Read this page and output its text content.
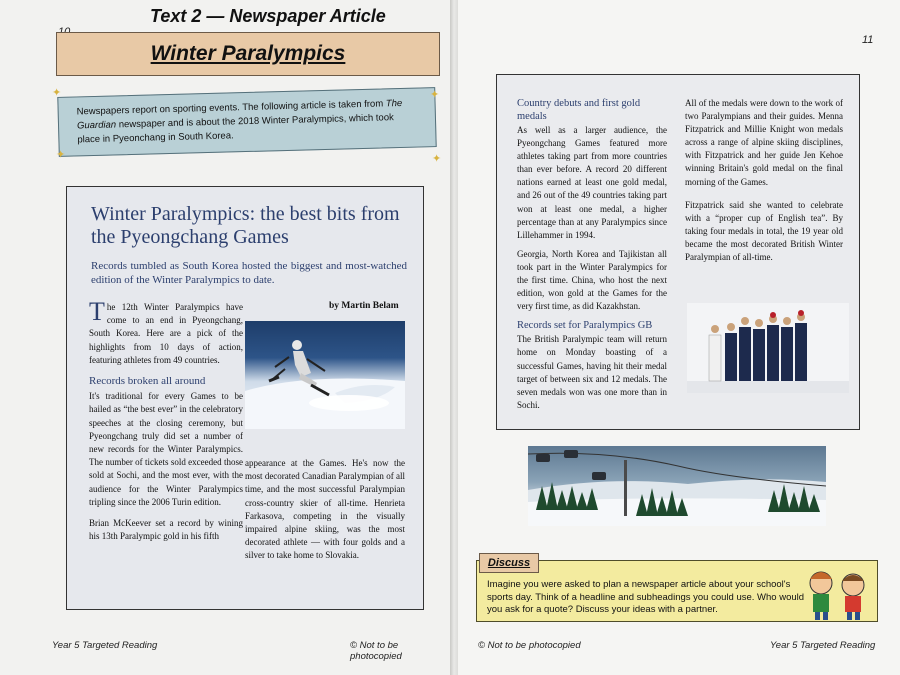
Text 2 — Newspaper Article
Winter Paralympics
Newspapers report on sporting events. The following article is taken from The Guardian newspaper and is about the 2018 Winter Paralympics, which took place in Pyeonchang in South Korea.
✦	✦
✦	✦
Winter Paralympics: the best bits from the Pyeongchang Games
Records tumbled as South Korea hosted the biggest and most-watched edition of the Winter Paralympics to date.
by Martin Belam

The 12th Winter Paralympics have come to an end in Pyeongchang, South Korea. Here are a pick of the highlights from 10 days of action, featuring athletes from 49 countries.

Records broken all around

It's traditional for every Games to be hailed as “the best ever” in the celebratory speeches at the closing ceremony, but Pyeongchang truly did set a number of new records for the Winter Paralympics. The number of tickets sold exceeded those sold at Sochi, and the most ever, with the audience for the Winter Paralympics tripling since the 2006 Turin edition.

Brian McKeever set a record by wining his 13th Paralympic gold in his fifth

appearance at the Games. He's now the most decorated Canadian Paralympian of all time, and the most successful Paralympian cross-country skier of all-time. Henrieta Farkasova, competing in the visually impaired alpine skiing, was the most decorated athlete — with four golds and a silver to take home to Slovakia.
Year 5 Targeted Reading	© Not to be photocopied
11
Country debuts and first gold medals

As well as a larger audience, the Pyeongchang Games featured more athletes taking part from more countries than ever before. A record 20 different nations earned at least one gold medal, and 26 out of the 49 countries taking part won at least one medal, a higher percentage than at any Paralympics since Lillehammer in 1994.

Georgia, North Korea and Tajikistan all took part in the Winter Paralympics for the first time. China, who host the next edition, won gold at the Games for the very first time, as did Kazakhstan.

Records set for Paralympics GB

The British Paralympic team will return home on Monday boasting of a successful Games, having hit their medal target of between six and 12 medals. The seven medals won was one more than in Sochi.

All of the medals were down to the work of two Paralympians and their guides. Menna Fitzpatrick and Millie Knight won medals across a range of alpine skiing disciplines, with Fitzpatrick and her guide Jen Kehoe winning Britain's gold medal on the final morning of the Games.

Fitzpatrick said she wanted to celebrate with a “proper cup of English tea”. By taking four medals in total, the 19 year old became the most decorated British Winter Paralympian of all-time.

Discuss
Imagine you were asked to plan a newspaper article about your school's sports day. Think of a headline and subheadings you could use. Who would you ask for a quote? Discuss your ideas with a partner.
© Not to be photocopied	Year 5 Targeted Reading
